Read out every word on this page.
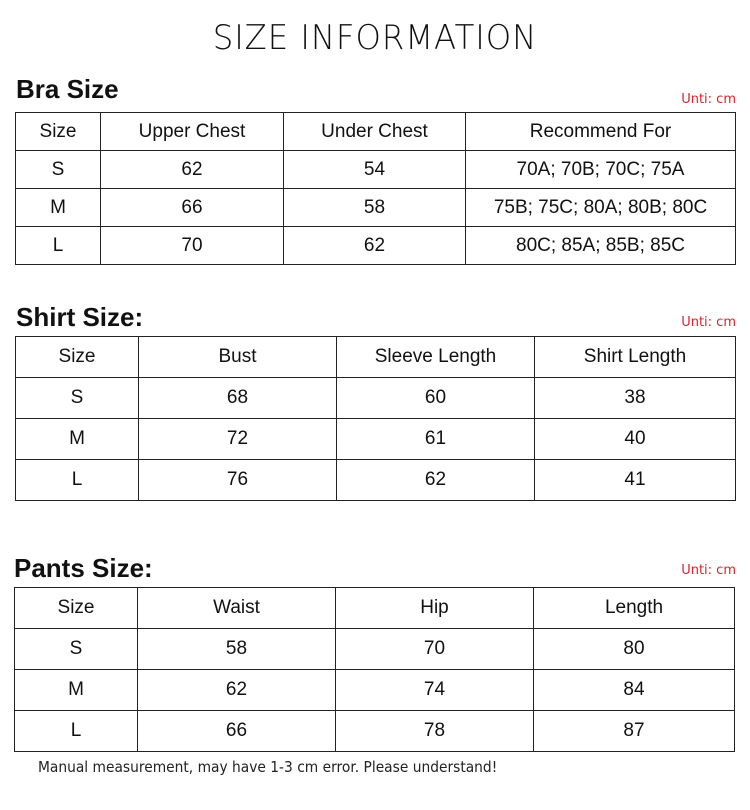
SIZE INFORMATION
Bra Size	Unti: cm
Size	Upper Chest	Under Chest	Recommend For
S	62	54	70A; 70B; 70C; 75A
M	66	58	75B; 75C; 80A; 80B; 80C
L	70	62	80C; 85A; 85B; 85C
Shirt Size:	Unti: cm
Size	Bust	Sleeve Length	Shirt Length
S	68	60	38
M	72	61	40
L	76	62	41
Pants Size:	Unti: cm
Size	Waist	Hip	Length
S	58	70	80
M	62	74	84
L	66	78	87
Manual measurement, may have 1-3 cm error. Please understand!
